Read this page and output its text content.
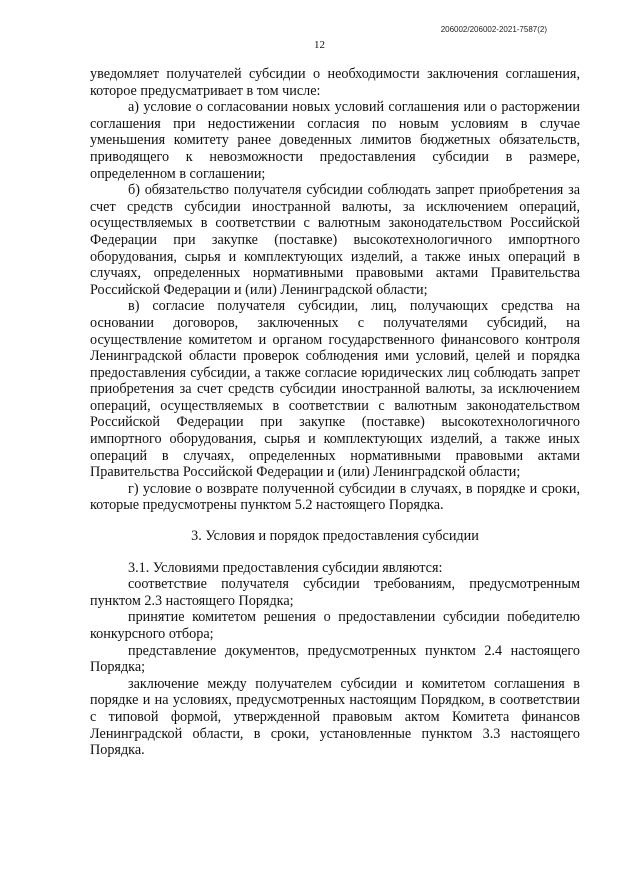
206002/206002-2021-7587(2)
12

уведомляет получателей субсидии о необходимости заключения соглашения, которое предусматривает в том числе:

а) условие о согласовании новых условий соглашения или о расторжении соглашения при недостижении согласия по новым условиям в случае уменьшения комитету ранее доведенных лимитов бюджетных обязательств, приводящего к невозможности предоставления субсидии в размере, определенном в соглашении;

б) обязательство получателя субсидии соблюдать запрет приобретения за счет средств субсидии иностранной валюты, за исключением операций, осуществляемых в соответствии с валютным законодательством Российской Федерации при закупке (поставке) высокотехнологичного импортного оборудования, сырья и комплектующих изделий, а также иных операций в случаях, определенных нормативными правовыми актами Правительства Российской Федерации и (или) Ленинградской области;

в) согласие получателя субсидии, лиц, получающих средства на основании договоров, заключенных с получателями субсидий, на осуществление комитетом и органом государственного финансового контроля Ленинградской области проверок соблюдения ими условий, целей и порядка предоставления субсидии, а также согласие юридических лиц соблюдать запрет приобретения за счет средств субсидии иностранной валюты, за исключением операций, осуществляемых в соответствии с валютным законодательством Российской Федерации при закупке (поставке) высокотехнологичного импортного оборудования, сырья и комплектующих изделий, а также иных операций в случаях, определенных нормативными правовыми актами Правительства Российской Федерации и (или) Ленинградской области;

г) условие о возврате полученной субсидии в случаях, в порядке и сроки, которые предусмотрены пунктом 5.2 настоящего Порядка.

3. Условия и порядок предоставления субсидии

3.1. Условиями предоставления субсидии являются:

соответствие получателя субсидии требованиям, предусмотренным пунктом 2.3 настоящего Порядка;

принятие комитетом решения о предоставлении субсидии победителю конкурсного отбора;

представление документов, предусмотренных пунктом 2.4 настоящего Порядка;

заключение между получателем субсидии и комитетом соглашения в порядке и на условиях, предусмотренных настоящим Порядком, в соответствии с типовой формой, утвержденной правовым актом Комитета финансов Ленинградской области, в сроки, установленные пунктом 3.3 настоящего Порядка.
